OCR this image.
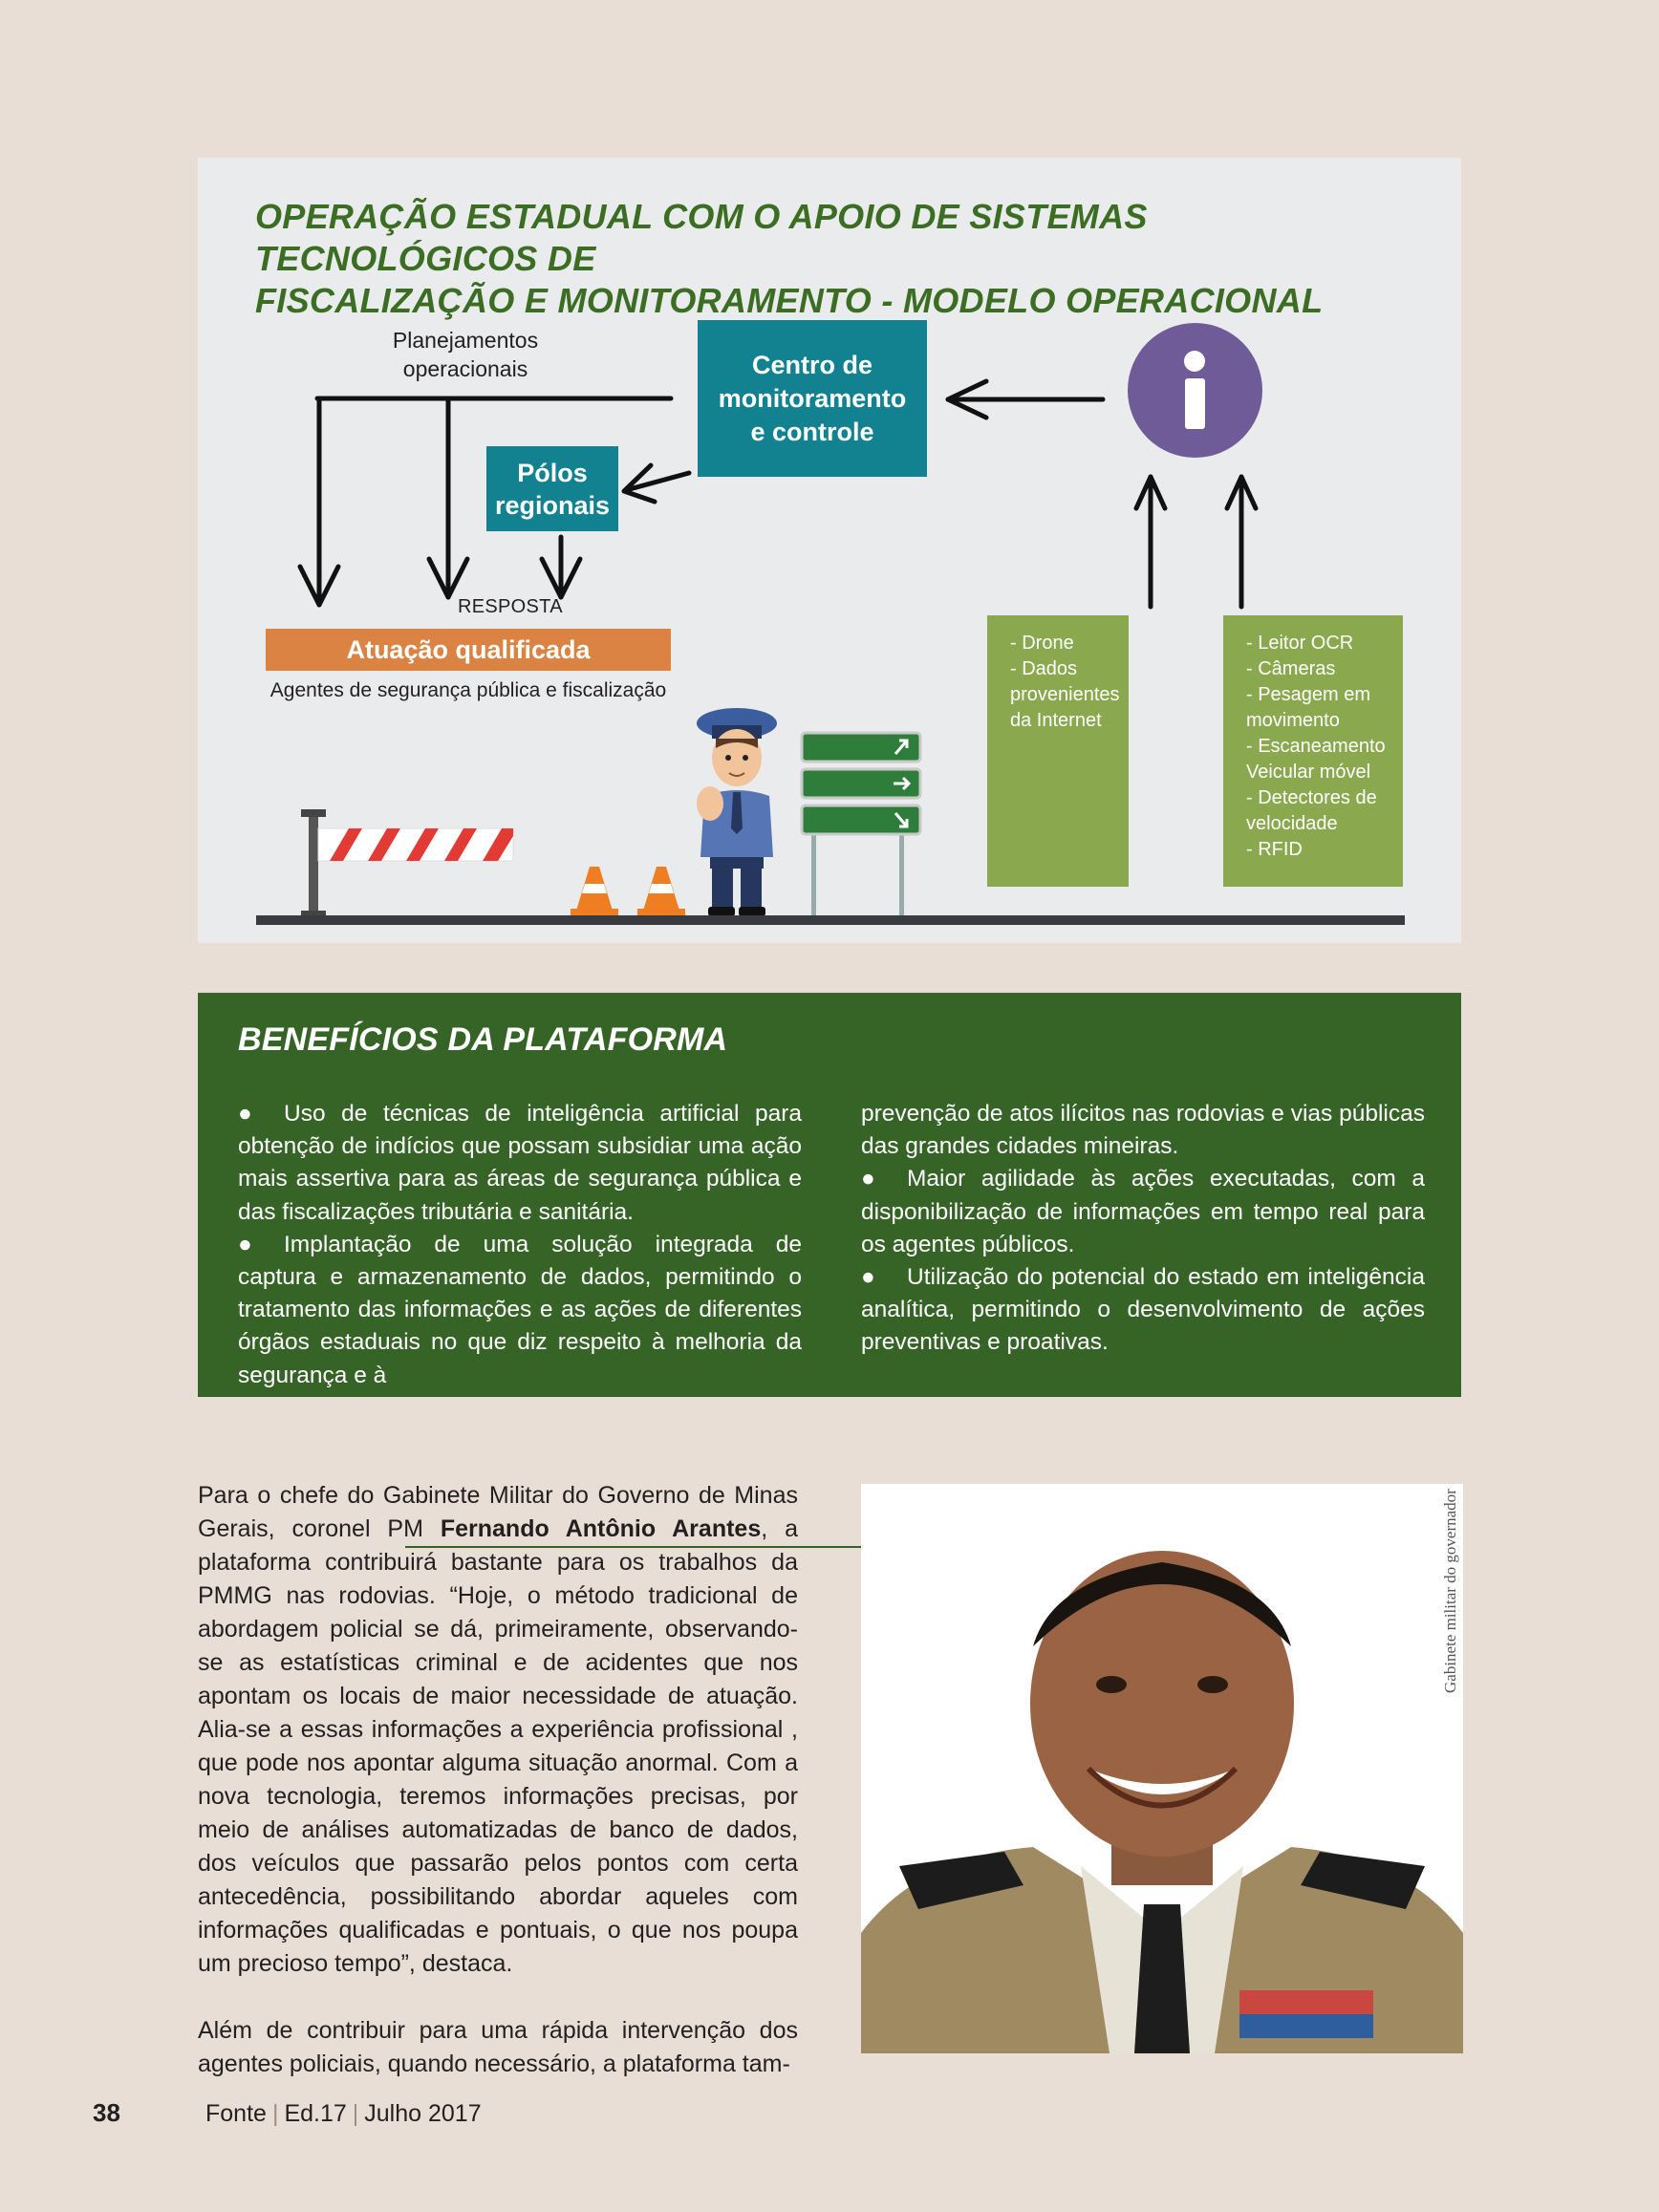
OPERAÇÃO ESTADUAL COM O APOIO DE SISTEMAS TECNOLÓGICOS DE
FISCALIZAÇÃO E MONITORAMENTO - MODELO OPERACIONAL
Planejamentos
operacionais	Centro de
monitoramento
e controle
Pólos
regionais
RESPOSTA
Atuação qualificada
Agentes de segurança pública e fiscalização
- Drone
- Dados
provenientes
da Internet
- Leitor OCR
- Câmeras
- Pesagem em
movimento
- Escaneamento
Veicular móvel
- Detectores de
velocidade
- RFID
BENEFÍCIOS DA PLATAFORMA

● Uso de técnicas de inteligência artificial para obtenção de indícios que possam subsidiar uma ação mais assertiva para as áreas de segurança pública e das fiscalizações tributária e sanitária.

● Implantação de uma solução integrada de captura e armazenamento de dados, permitindo o tratamento das informações e as ações de diferentes órgãos estaduais no que diz respeito à melhoria da segurança e à

prevenção de atos ilícitos nas rodovias e vias públicas das grandes cidades mineiras.

● Maior agilidade às ações executadas, com a disponibilização de informações em tempo real para os agentes públicos.

● Utilização do potencial do estado em inteligência analítica, permitindo o desenvolvimento de ações preventivas e proativas.

Para o chefe do Gabinete Militar do Governo de Minas Gerais, coronel PM Fernando Antônio Arantes, a plataforma contribuirá bastante para os trabalhos da PMMG nas rodovias. “Hoje, o método tradicional de abordagem policial se dá, primeiramente, observando-se as estatísticas criminal e de acidentes que nos apontam os locais de maior necessidade de atuação. Alia-se a essas informações a experiência profissional , que pode nos apontar alguma situação anormal. Com a nova tecnologia, teremos informações precisas, por meio de análises automatizadas de banco de dados, dos veículos que passarão pelos pontos com certa antecedência, possibilitando abordar aqueles com informações qualificadas e pontuais, o que nos poupa um precioso tempo”, destaca.

Além de contribuir para uma rápida intervenção dos agentes policiais, quando necessário, a plataforma tam-

Gabinete militar do governador
38	Fonte | Ed.17 | Julho 2017
